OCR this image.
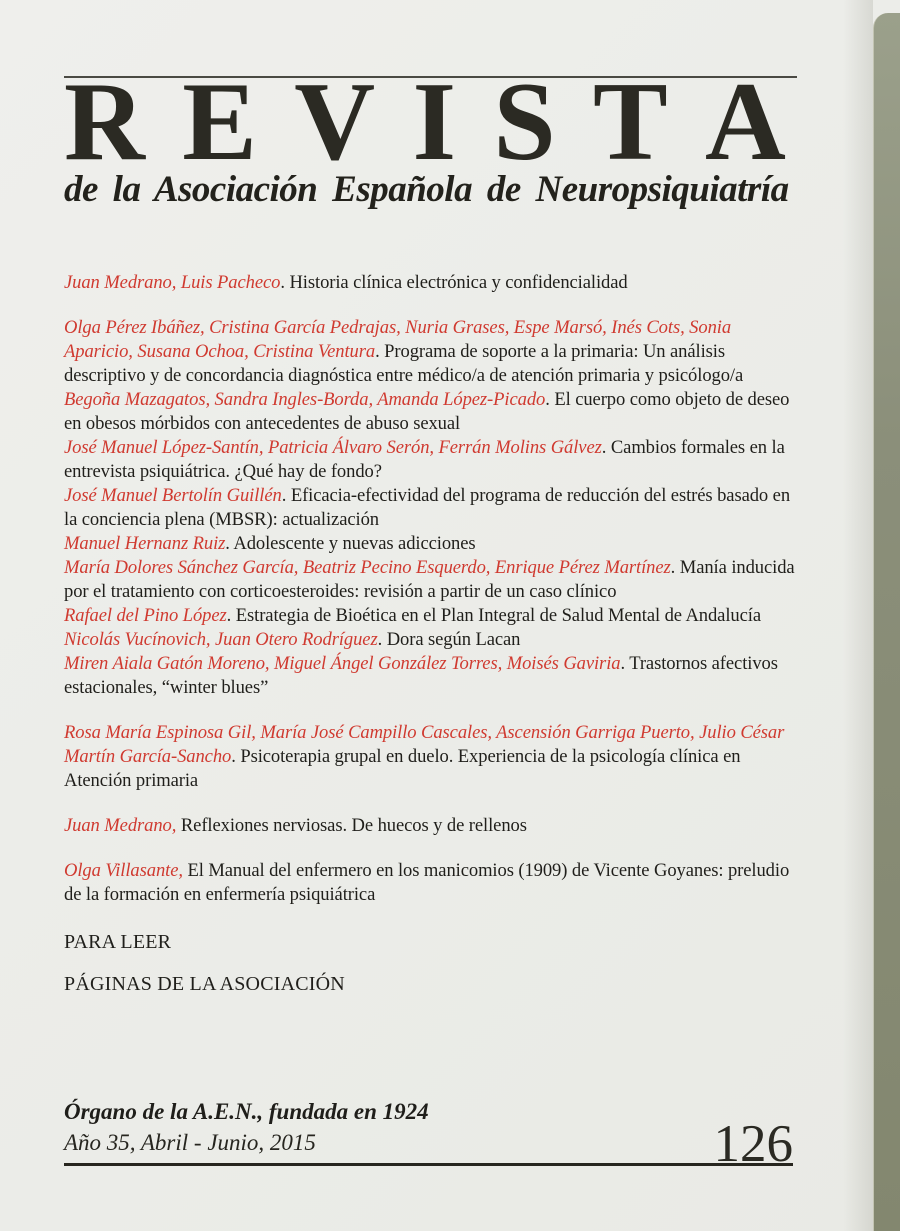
R E V I S T A
de la Asociación Española de Neuropsiquiatría

Juan Medrano, Luis Pacheco. Historia clínica electrónica y confidencialidad

Olga Pérez Ibáñez, Cristina García Pedrajas, Nuria Grases, Espe Marsó, Inés Cots, Sonia Aparicio, Susana Ochoa, Cristina Ventura. Programa de soporte a la primaria: Un análisis descriptivo y de concordancia diagnóstica entre médico/a de atención primaria y psicólogo/a

Begoña Mazagatos, Sandra Ingles-Borda, Amanda López-Picado. El cuerpo como objeto de deseo en obesos mórbidos con antecedentes de abuso sexual

José Manuel López-Santín, Patricia Álvaro Serón, Ferrán Molins Gálvez. Cambios formales en la entrevista psiquiátrica. ¿Qué hay de fondo?

José Manuel Bertolín Guillén. Eficacia-efectividad del programa de reducción del estrés basado en la conciencia plena (MBSR): actualización

Manuel Hernanz Ruiz. Adolescente y nuevas adicciones

María Dolores Sánchez García, Beatriz Pecino Esquerdo, Enrique Pérez Martínez. Manía inducida por el tratamiento con corticoesteroides: revisión a partir de un caso clínico

Rafael del Pino López. Estrategia de Bioética en el Plan Integral de Salud Mental de Andalucía

Nicolás Vucínovich, Juan Otero Rodríguez. Dora según Lacan

Miren Aiala Gatón Moreno, Miguel Ángel González Torres, Moisés Gaviria. Trastornos afectivos estacionales, “winter blues”

Rosa María Espinosa Gil, María José Campillo Cascales, Ascensión Garriga Puerto, Julio César Martín García-Sancho. Psicoterapia grupal en duelo. Experiencia de la psicología clínica en Atención primaria

Juan Medrano, Reflexiones nerviosas. De huecos y de rellenos

Olga Villasante, El Manual del enfermero en los manicomios (1909) de Vicente Goyanes: preludio de la formación en enfermería psiquiátrica

PARA LEER
PÁGINAS DE LA ASOCIACIÓN
Órgano de la A.E.N., fundada en 1924
Año 35, Abril - Junio, 2015	126
